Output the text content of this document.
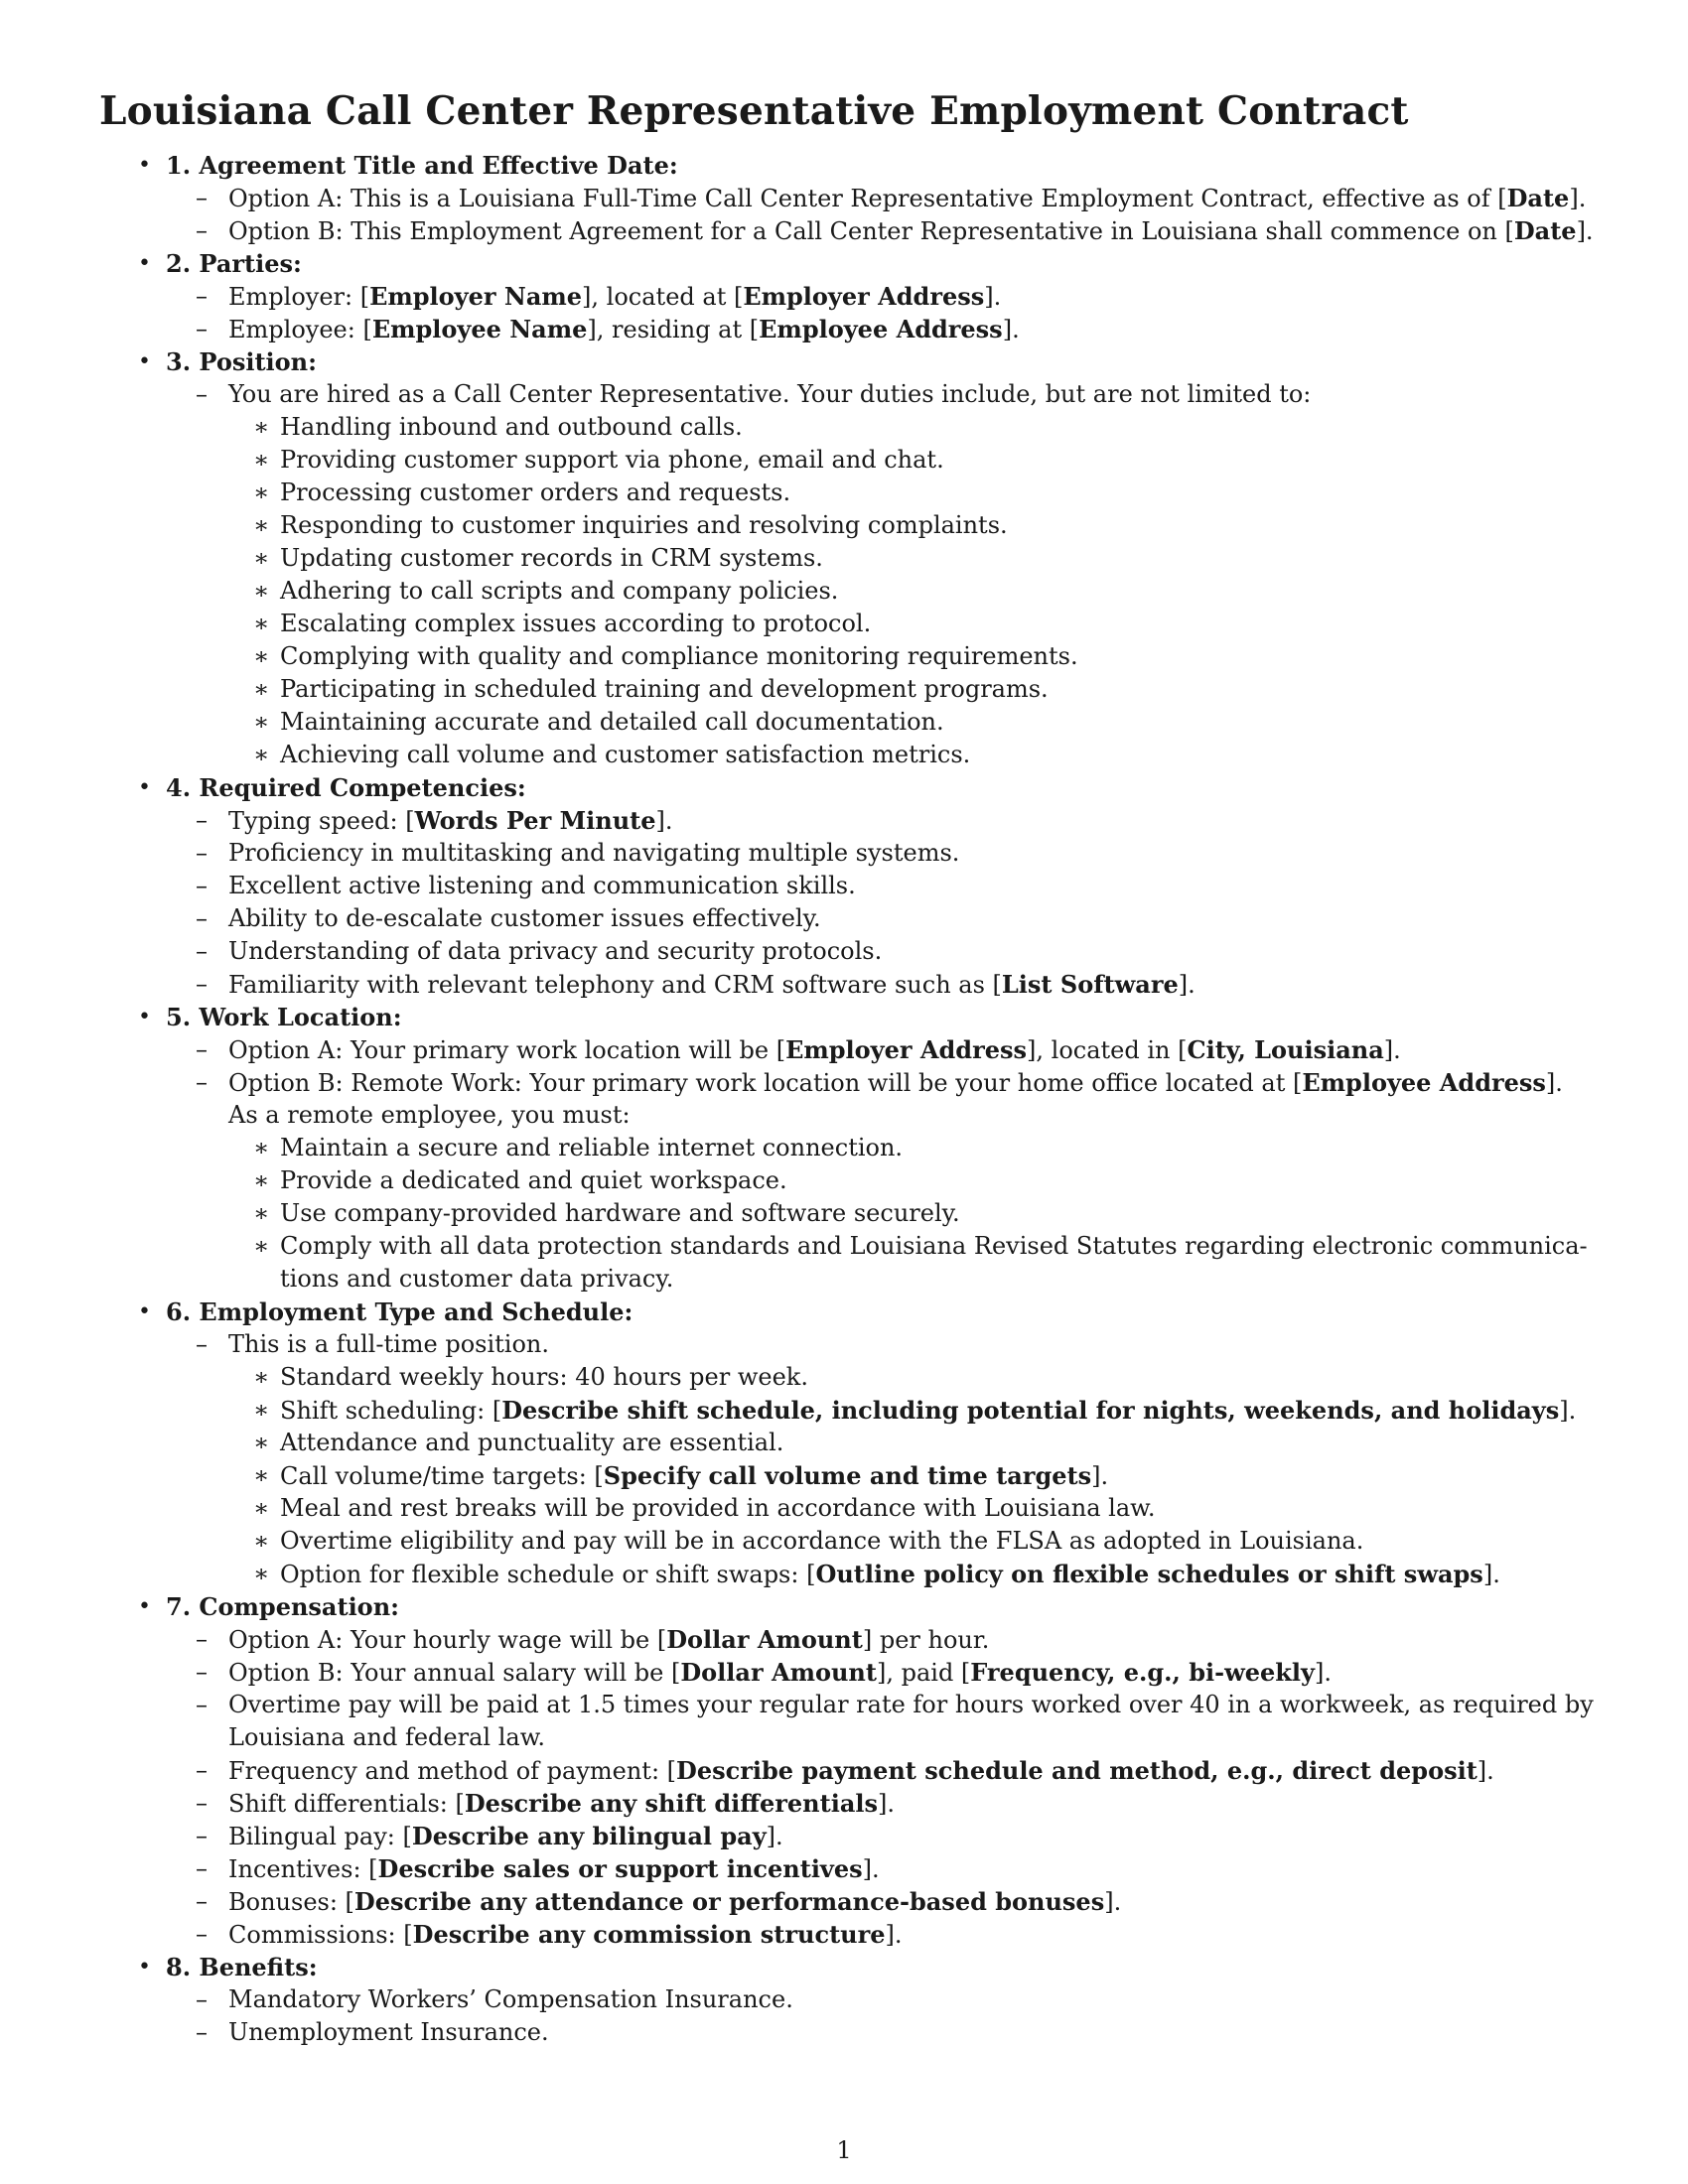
Louisiana Call Center Representative Employment Contract
• 1. Agreement Title and Effective Date:
– Option A: This is a Louisiana Full-Time Call Center Representative Employment Contract, effective as of [Date].
– Option B: This Employment Agreement for a Call Center Representative in Louisiana shall commence on [Date].
• 2. Parties:
– Employer: [Employer Name], located at [Employer Address].
– Employee: [Employee Name], residing at [Employee Address].
• 3. Position:
– You are hired as a Call Center Representative. Your duties include, but are not limited to:
∗ Handling inbound and outbound calls.
∗ Providing customer support via phone, email and chat.
∗ Processing customer orders and requests.
∗ Responding to customer inquiries and resolving complaints.
∗ Updating customer records in CRM systems.
∗ Adhering to call scripts and company policies.
∗ Escalating complex issues according to protocol.
∗ Complying with quality and compliance monitoring requirements.
∗ Participating in scheduled training and development programs.
∗ Maintaining accurate and detailed call documentation.
∗ Achieving call volume and customer satisfaction metrics.
• 4. Required Competencies:
– Typing speed: [Words Per Minute].
– Proficiency in multitasking and navigating multiple systems.
– Excellent active listening and communication skills.
– Ability to de-escalate customer issues effectively.
– Understanding of data privacy and security protocols.
– Familiarity with relevant telephony and CRM software such as [List Software].
• 5. Work Location:
– Option A: Your primary work location will be [Employer Address], located in [City, Louisiana].
– Option B: Remote Work: Your primary work location will be your home office located at [Employee Address].
As a remote employee, you must:
∗ Maintain a secure and reliable internet connection.
∗ Provide a dedicated and quiet workspace.
∗ Use company-provided hardware and software securely.
∗ Comply with all data protection standards and Louisiana Revised Statutes regarding electronic communica-
tions and customer data privacy.
• 6. Employment Type and Schedule:
– This is a full-time position.
∗ Standard weekly hours: 40 hours per week.
∗ Shift scheduling: [Describe shift schedule, including potential for nights, weekends, and holidays].
∗ Attendance and punctuality are essential.
∗ Call volume/time targets: [Specify call volume and time targets].
∗ Meal and rest breaks will be provided in accordance with Louisiana law.
∗ Overtime eligibility and pay will be in accordance with the FLSA as adopted in Louisiana.
∗ Option for flexible schedule or shift swaps: [Outline policy on flexible schedules or shift swaps].
• 7. Compensation:
– Option A: Your hourly wage will be [Dollar Amount] per hour.
– Option B: Your annual salary will be [Dollar Amount], paid [Frequency, e.g., bi-weekly].
– Overtime pay will be paid at 1.5 times your regular rate for hours worked over 40 in a workweek, as required by
Louisiana and federal law.
– Frequency and method of payment: [Describe payment schedule and method, e.g., direct deposit].
– Shift differentials: [Describe any shift differentials].
– Bilingual pay: [Describe any bilingual pay].
– Incentives: [Describe sales or support incentives].
– Bonuses: [Describe any attendance or performance-based bonuses].
– Commissions: [Describe any commission structure].
• 8. Benefits:
– Mandatory Workers’ Compensation Insurance.
– Unemployment Insurance.
1
